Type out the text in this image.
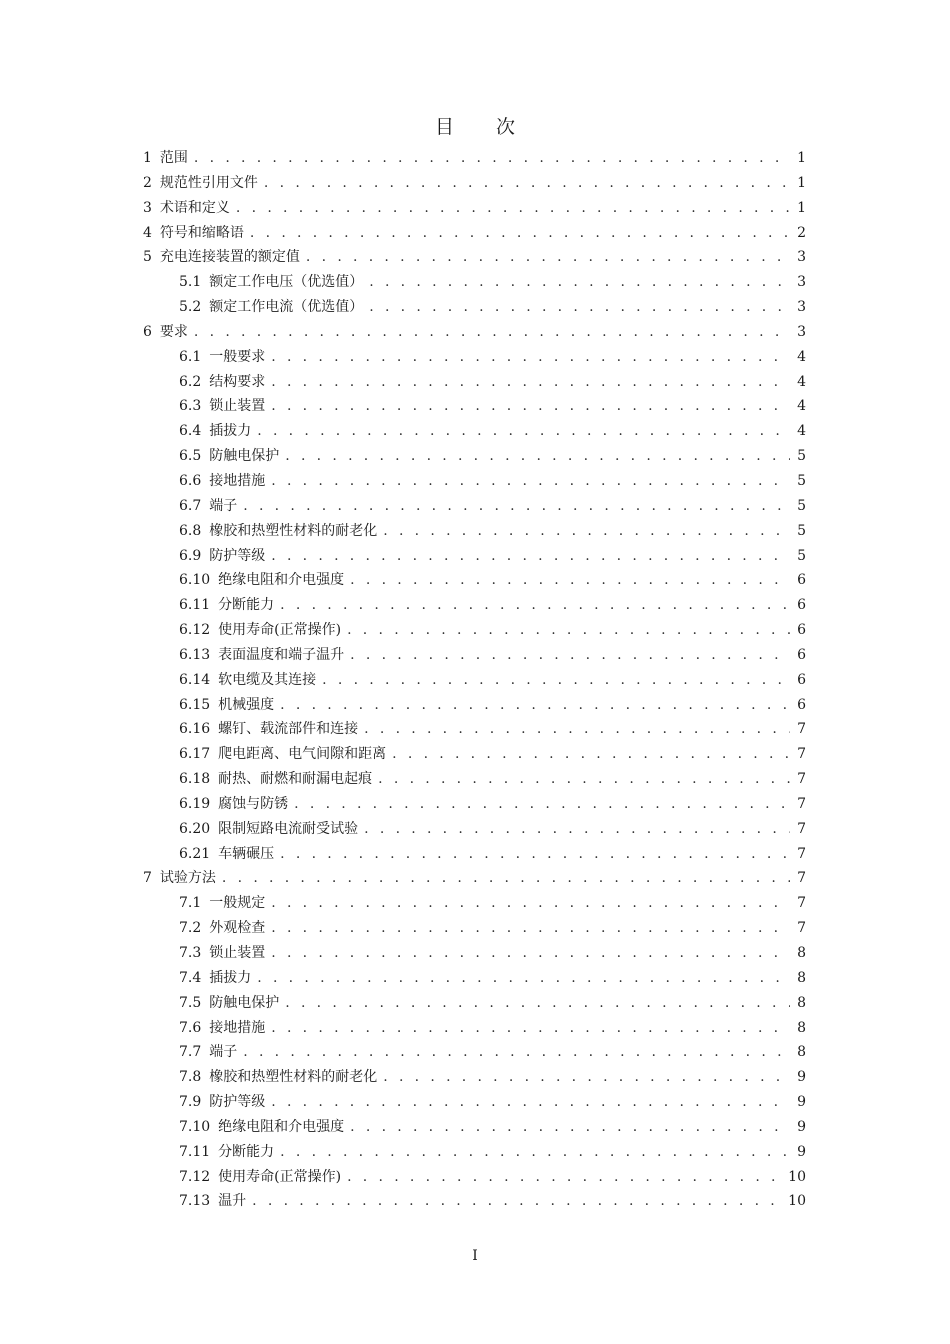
目 次
1 范围 . . .	1
2 规范性引用文件 . . .	1
3 术语和定义 . . .	1
4 符号和缩略语 . . .	2
5 充电连接装置的额定值 . . .	3
5.1 额定工作电压（优选值） . . .	3
5.2 额定工作电流（优选值） . . .	3
6 要求 . . .	3
6.1 一般要求 . . .	4
6.2 结构要求 . . .	4
6.3 锁止装置 . . .	4
6.4 插拔力 . . .	4
6.5 防触电保护 . . .	5
6.6 接地措施 . . .	5
6.7 端子 . . .	5
6.8 橡胶和热塑性材料的耐老化 . . .	5
6.9 防护等级 . . .	5
6.10 绝缘电阻和介电强度 . . .	6
6.11 分断能力 . . .	6
6.12 使用寿命(正常操作) . . .	6
6.13 表面温度和端子温升 . . .	6
6.14 软电缆及其连接 . . .	6
6.15 机械强度 . . .	6
6.16 螺钉、载流部件和连接 . . .	7
6.17 爬电距离、电气间隙和距离 . . .	7
6.18 耐热、耐燃和耐漏电起痕 . . .	7
6.19 腐蚀与防锈 . . .	7
6.20 限制短路电流耐受试验 . . .	7
6.21 车辆碾压 . . .	7
7 试验方法 . . .	7
7.1 一般规定 . . .	7
7.2 外观检查 . . .	7
7.3 锁止装置 . . .	8
7.4 插拔力 . . .	8
7.5 防触电保护 . . .	8
7.6 接地措施 . . .	8
7.7 端子 . . .	8
7.8 橡胶和热塑性材料的耐老化 . . .	9
7.9 防护等级 . . .	9
7.10 绝缘电阻和介电强度 . . .	9
7.11 分断能力 . . .	9
7.12 使用寿命(正常操作) . . .	10
7.13 温升 . . .	10
I
